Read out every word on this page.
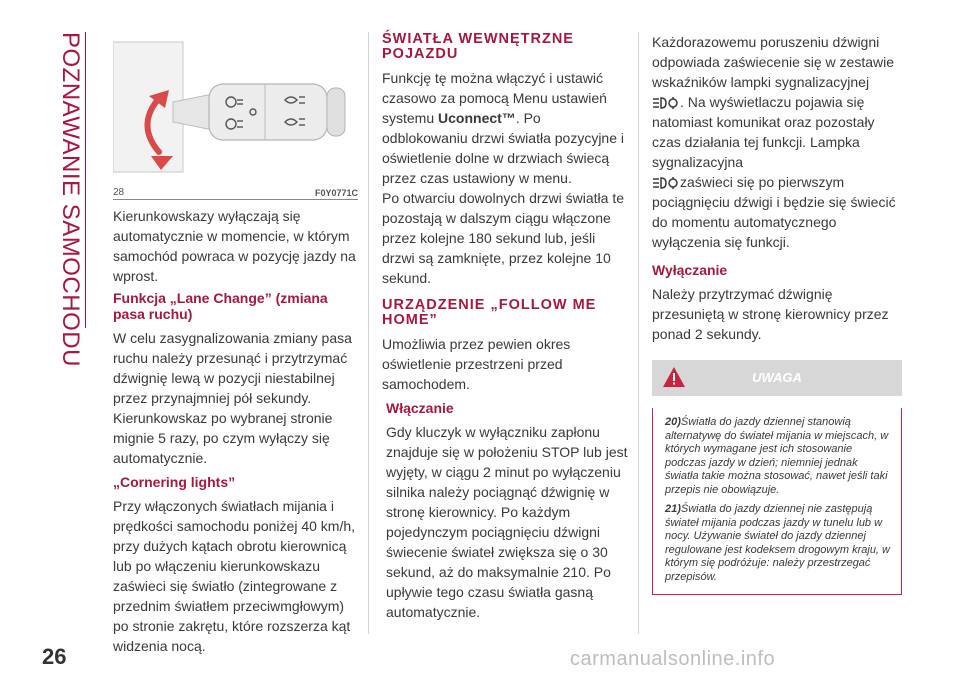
POZNAWANIE SAMOCHODU	28	F0Y0771C

Kierunkowskazy wyłączają się automatycznie w momencie, w którym samochód powraca w pozycję jazdy na wprost.

Funkcja „Lane Change” (zmiana pasa ruchu)

W celu zasygnalizowania zmiany pasa ruchu należy przesunąć i przytrzymać dźwignię lewą w pozycji niestabilnej przez przynajmniej pół sekundy. Kierunkowskaz po wybranej stronie mignie 5 razy, po czym wyłączy się automatycznie.

„Cornering lights”

Przy włączonych światłach mijania i prędkości samochodu poniżej 40 km/h, przy dużych kątach obrotu kierownicą lub po włączeniu kierunkowskazu zaświeci się światło (zintegrowane z przednim światłem przeciwmgłowym) po stronie zakrętu, które rozszerza kąt widzenia nocą.

ŚWIATŁA WEWNĘTRZNE POJAZDU

Funkcję tę można włączyć i ustawić czasowo za pomocą Menu ustawień systemu Uconnect™. Po odblokowaniu drzwi światła pozycyjne i oświetlenie dolne w drzwiach świecą przez czas ustawiony w menu.

Po otwarciu dowolnych drzwi światła te pozostają w dalszym ciągu włączone przez kolejne 180 sekund lub, jeśli drzwi są zamknięte, przez kolejne 10 sekund.

URZĄDZENIE „FOLLOW ME HOME”

Umożliwia przez pewien okres oświetlenie przestrzeni przed samochodem.

Włączanie

Gdy kluczyk w wyłączniku zapłonu znajduje się w położeniu STOP lub jest wyjęty, w ciągu 2 minut po wyłączeniu silnika należy pociągnąć dźwignię w stronę kierownicy. Po każdym pojedynczym pociągnięciu dźwigni świecenie świateł zwiększa się o 30 sekund, aż do maksymalnie 210. Po upływie tego czasu światła gasną automatycznie.

Każdorazowemu poruszeniu dźwigni odpowiada zaświecenie się w zestawie wskaźników lampki sygnalizacyjnej
. Na wyświetlaczu pojawia się natomiast komunikat oraz pozostały czas działania tej funkcji. Lampka sygnalizacyjna
zaświeci się po pierwszym pociągnięciu dźwigi i będzie się świecić do momentu automatycznego wyłączenia się funkcji.

Wyłączanie

Należy przytrzymać dźwignię przesuniętą w stronę kierownicy przez ponad 2 sekundy.

UWAGA

20)Światła do jazdy dziennej stanowią alternatywę do świateł mijania w miejscach, w których wymagane jest ich stosowanie podczas jazdy w dzień; niemniej jednak światła takie można stosować, nawet jeśli taki przepis nie obowiązuje.

21)Światła do jazdy dziennej nie zastępują świateł mijania podczas jazdy w tunelu lub w nocy. Używanie świateł do jazdy dziennej regulowane jest kodeksem drogowym kraju, w którym się podróżuje: należy przestrzegać przepisów.

26	carmanualsonline.info
